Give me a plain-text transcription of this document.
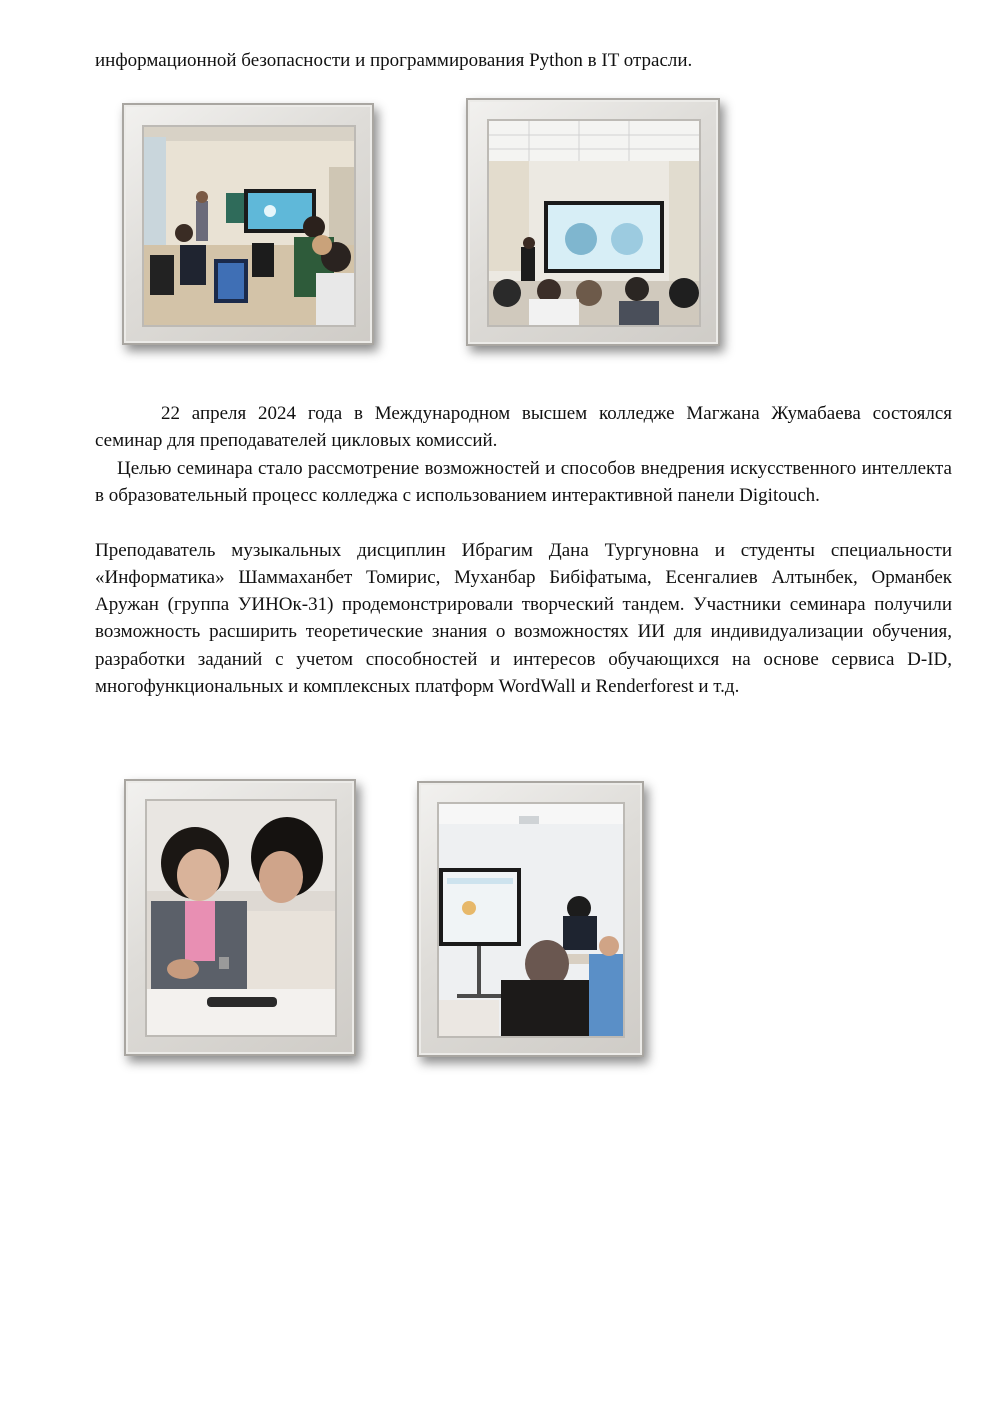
информационной безопасности и программирования Python в IT отрасли.

22 апреля 2024 года в Международном высшем колледже Магжана Жумабаева состоялся семинар для преподавателей цикловых комиссий.

Целью семинара стало рассмотрение возможностей и способов внедрения искусственного интеллекта в образовательный процесс колледжа с использованием интерактивной панели Digitouch.

Преподаватель музыкальных дисциплин Ибрагим Дана Тургуновна и студенты специальности «Информатика» Шаммаханбет Томирис, Муханбар Бибіфатыма, Есенгалиев Алтынбек, Орманбек Аружан (группа УИНОк-31) продемонстрировали творческий тандем. Участники семинара получили возможность расширить теоретические знания о возможностях ИИ для индивидуализации обучения, разработки заданий с учетом способностей и интересов обучающихся на основе сервиса D-ID, многофункциональных и комплексных платформ WordWall и Renderforest и т.д.
